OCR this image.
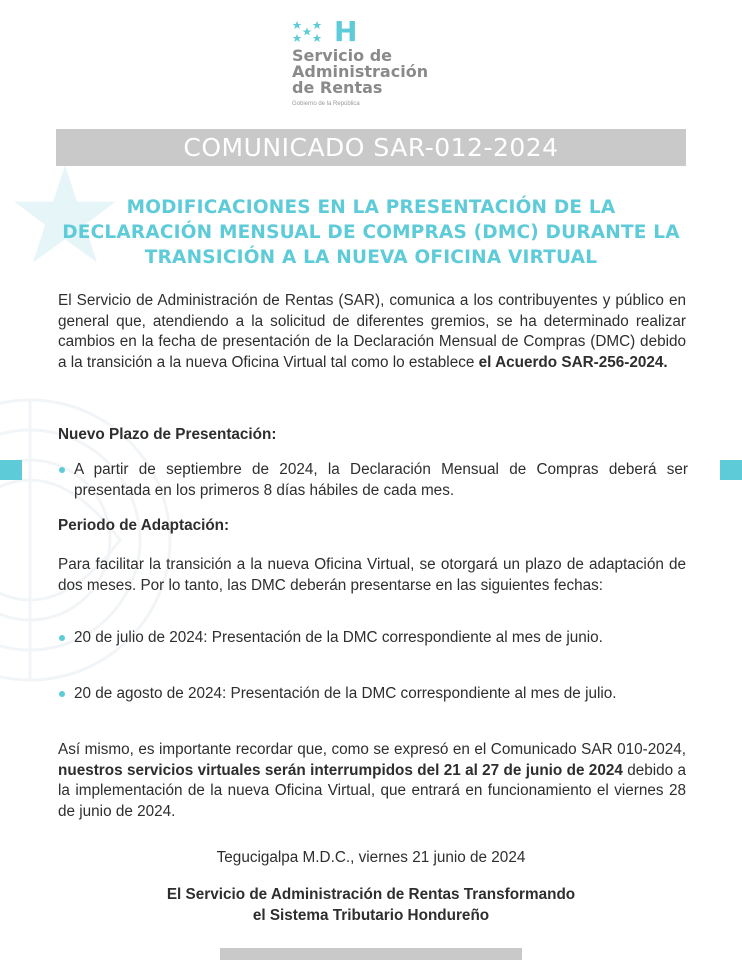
H
Servicio de
Administración
de Rentas
Gobierno de la República
COMUNICADO SAR-012-2024
MODIFICACIONES EN LA PRESENTACIÓN DE LA
DECLARACIÓN MENSUAL DE COMPRAS (DMC) DURANTE LA
TRANSICIÓN A LA NUEVA OFICINA VIRTUAL
El Servicio de Administración de Rentas (SAR), comunica a los contribuyentes y público en general que, atendiendo a la solicitud de diferentes gremios, se ha determinado realizar cambios en la fecha de presentación de la Declaración Mensual de Compras (DMC) debido a la transición a la nueva Oficina Virtual tal como lo establece el Acuerdo SAR-256-2024.
Nuevo Plazo de Presentación:
A partir de septiembre de 2024, la Declaración Mensual de Compras deberá ser presentada en los primeros 8 días hábiles de cada mes.
Periodo de Adaptación:
Para facilitar la transición a la nueva Oficina Virtual, se otorgará un plazo de adaptación de dos meses. Por lo tanto, las DMC deberán presentarse en las siguientes fechas:
20 de julio de 2024: Presentación de la DMC correspondiente al mes de junio.
20 de agosto de 2024: Presentación de la DMC correspondiente al mes de julio.
Así mismo, es importante recordar que, como se expresó en el Comunicado SAR 010-2024, nuestros servicios virtuales serán interrumpidos del 21 al 27 de junio de 2024 debido a la implementación de la nueva Oficina Virtual, que entrará en funcionamiento el viernes 28 de junio de 2024.
Tegucigalpa M.D.C., viernes 21 junio de 2024
El Servicio de Administración de Rentas Transformando
el Sistema Tributario Hondureño
